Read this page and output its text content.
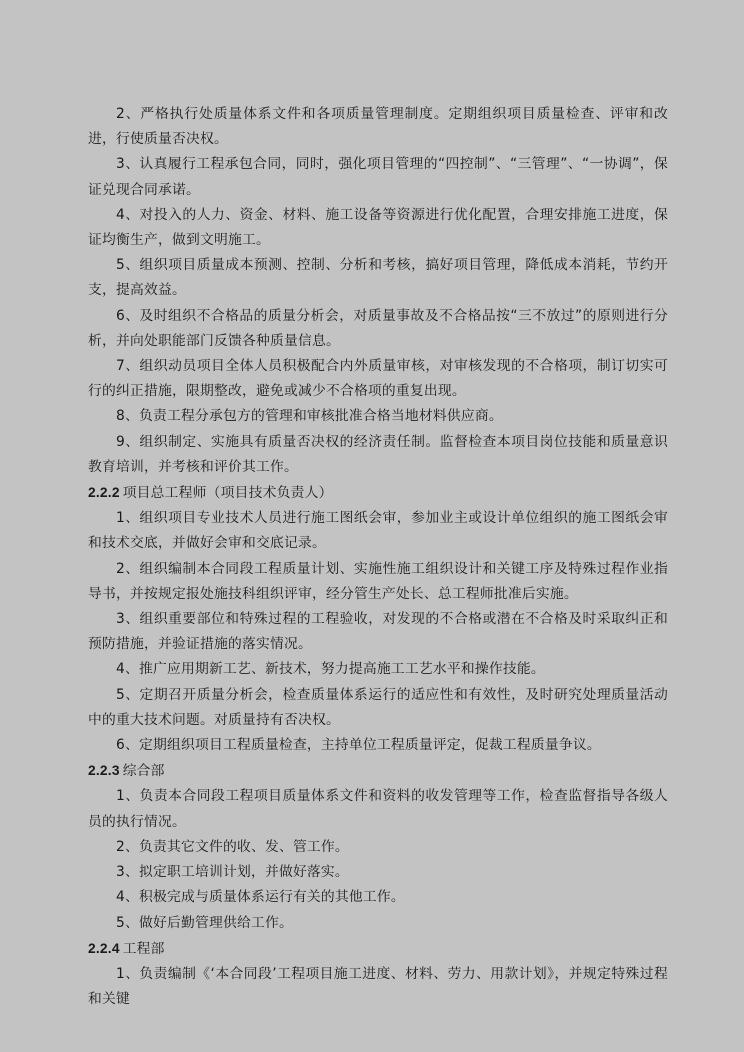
2、严格执行处质量体系文件和各项质量管理制度。定期组织项目质量检查、评审和改进，行使质量否决权。

3、认真履行工程承包合同，同时，强化项目管理的“四控制”、“三管理”、“一协调”，保证兑现合同承诺。

4、对投入的人力、资金、材料、施工设备等资源进行优化配置，合理安排施工进度，保证均衡生产，做到文明施工。

5、组织项目质量成本预测、控制、分析和考核，搞好项目管理，降低成本消耗，节约开支，提高效益。

6、及时组织不合格品的质量分析会，对质量事故及不合格品按“三不放过”的原则进行分析，并向处职能部门反馈各种质量信息。

7、组织动员项目全体人员积极配合内外质量审核，对审核发现的不合格项，制订切实可行的纠正措施，限期整改，避免或减少不合格项的重复出现。

8、负责工程分承包方的管理和审核批准合格当地材料供应商。

9、组织制定、实施具有质量否决权的经济责任制。监督检查本项目岗位技能和质量意识教育培训，并考核和评价其工作。

2.2.2 项目总工程师（项目技术负责人）

1、组织项目专业技术人员进行施工图纸会审，参加业主或设计单位组织的施工图纸会审和技术交底，并做好会审和交底记录。

2、组织编制本合同段工程质量计划、实施性施工组织设计和关键工序及特殊过程作业指导书，并按规定报处施技科组织评审，经分管生产处长、总工程师批准后实施。

3、组织重要部位和特殊过程的工程验收，对发现的不合格或潜在不合格及时采取纠正和预防措施，并验证措施的落实情况。

4、推广应用期新工艺、新技术，努力提高施工工艺水平和操作技能。

5、定期召开质量分析会，检查质量体系运行的适应性和有效性，及时研究处理质量活动中的重大技术问题。对质量持有否决权。

6、定期组织项目工程质量检查，主持单位工程质量评定，促裁工程质量争议。

2.2.3 综合部

1、负责本合同段工程项目质量体系文件和资料的收发管理等工作，检查监督指导各级人员的执行情况。

2、负责其它文件的收、发、管工作。

3、拟定职工培训计划，并做好落实。

4、积极完成与质量体系运行有关的其他工作。

5、做好后勤管理供给工作。

2.2.4 工程部

1、负责编制《‘本合同段’工程项目施工进度、材料、劳力、用款计划》，并规定特殊过程和关键
